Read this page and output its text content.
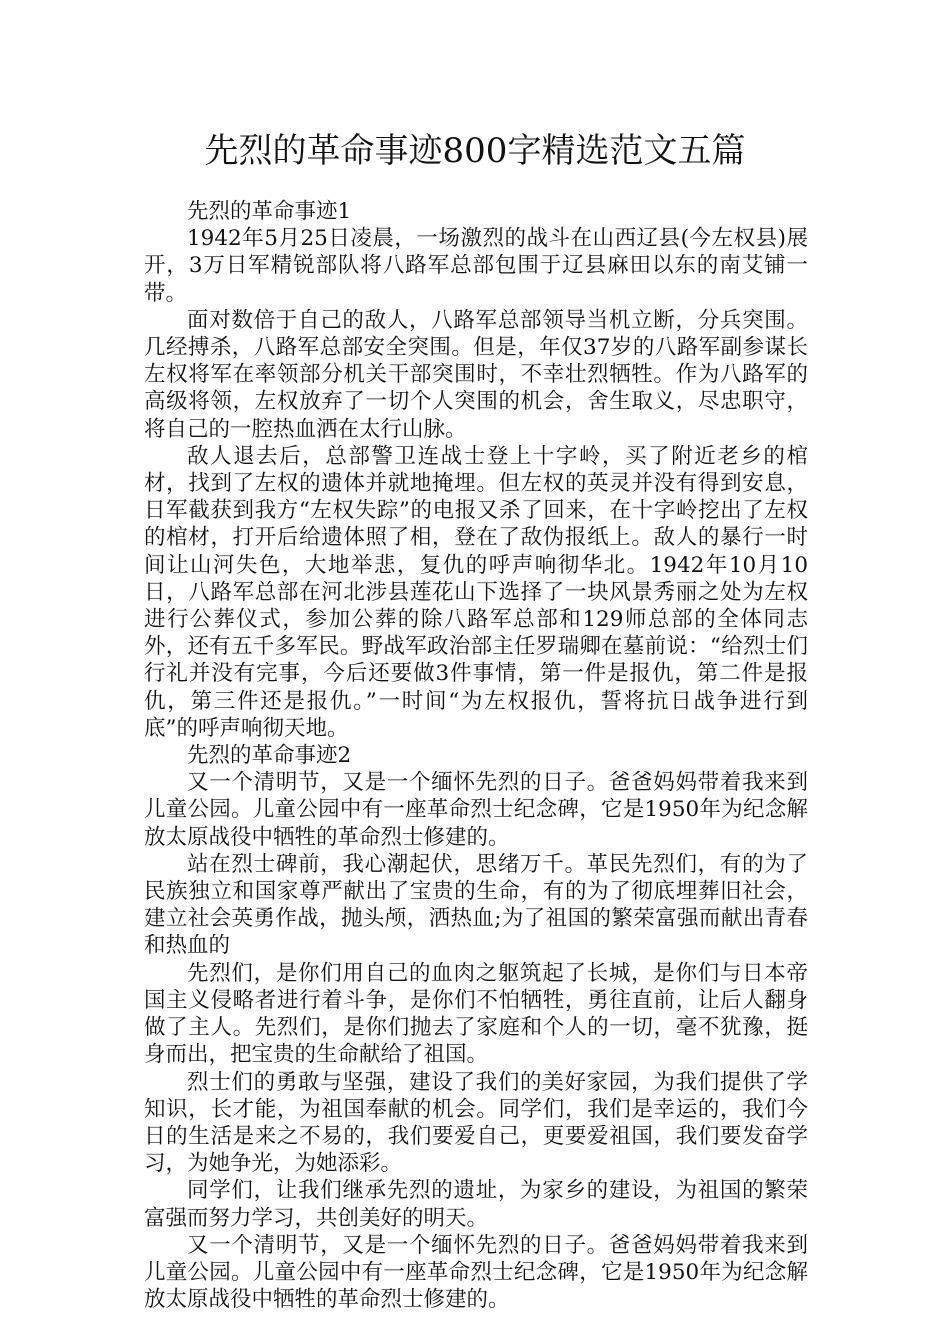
先烈的革命事迹800字精选范文五篇

先烈的革命事迹1

1942年5月25日凌晨，一场激烈的战斗在山西辽县(今左权县)展开，3万日军精锐部队将八路军总部包围于辽县麻田以东的南艾铺一带。

面对数倍于自己的敌人，八路军总部领导当机立断，分兵突围。几经搏杀，八路军总部安全突围。但是，年仅37岁的八路军副参谋长左权将军在率领部分机关干部突围时，不幸壮烈牺牲。作为八路军的高级将领，左权放弃了一切个人突围的机会，舍生取义，尽忠职守，将自己的一腔热血洒在太行山脉。

敌人退去后，总部警卫连战士登上十字岭，买了附近老乡的棺材，找到了左权的遗体并就地掩埋。但左权的英灵并没有得到安息，日军截获到我方“左权失踪”的电报又杀了回来，在十字岭挖出了左权的棺材，打开后给遗体照了相，登在了敌伪报纸上。敌人的暴行一时间让山河失色，大地举悲，复仇的呼声响彻华北。1942年10月10日，八路军总部在河北涉县莲花山下选择了一块风景秀丽之处为左权进行公葬仪式，参加公葬的除八路军总部和129师总部的全体同志外，还有五千多军民。野战军政治部主任罗瑞卿在墓前说：“给烈士们行礼并没有完事，今后还要做3件事情，第一件是报仇，第二件是报仇，第三件还是报仇。”一时间“为左权报仇，誓将抗日战争进行到底”的呼声响彻天地。

先烈的革命事迹2

又一个清明节，又是一个缅怀先烈的日子。爸爸妈妈带着我来到儿童公园。儿童公园中有一座革命烈士纪念碑，它是1950年为纪念解放太原战役中牺牲的革命烈士修建的。

站在烈士碑前，我心潮起伏，思绪万千。革民先烈们，有的为了民族独立和国家尊严献出了宝贵的生命，有的为了彻底埋葬旧社会，建立社会英勇作战，抛头颅，洒热血;为了祖国的繁荣富强而献出青春和热血的

先烈们，是你们用自己的血肉之躯筑起了长城，是你们与日本帝国主义侵略者进行着斗争，是你们不怕牺牲，勇往直前，让后人翻身做了主人。先烈们，是你们抛去了家庭和个人的一切，毫不犹豫，挺身而出，把宝贵的生命献给了祖国。

烈士们的勇敢与坚强，建设了我们的美好家园，为我们提供了学知识，长才能，为祖国奉献的机会。同学们，我们是幸运的，我们今日的生活是来之不易的，我们要爱自己，更要爱祖国，我们要发奋学习，为她争光，为她添彩。

同学们，让我们继承先烈的遗址，为家乡的建设，为祖国的繁荣富强而努力学习，共创美好的明天。

又一个清明节，又是一个缅怀先烈的日子。爸爸妈妈带着我来到儿童公园。儿童公园中有一座革命烈士纪念碑，它是1950年为纪念解放太原战役中牺牲的革命烈士修建的。
